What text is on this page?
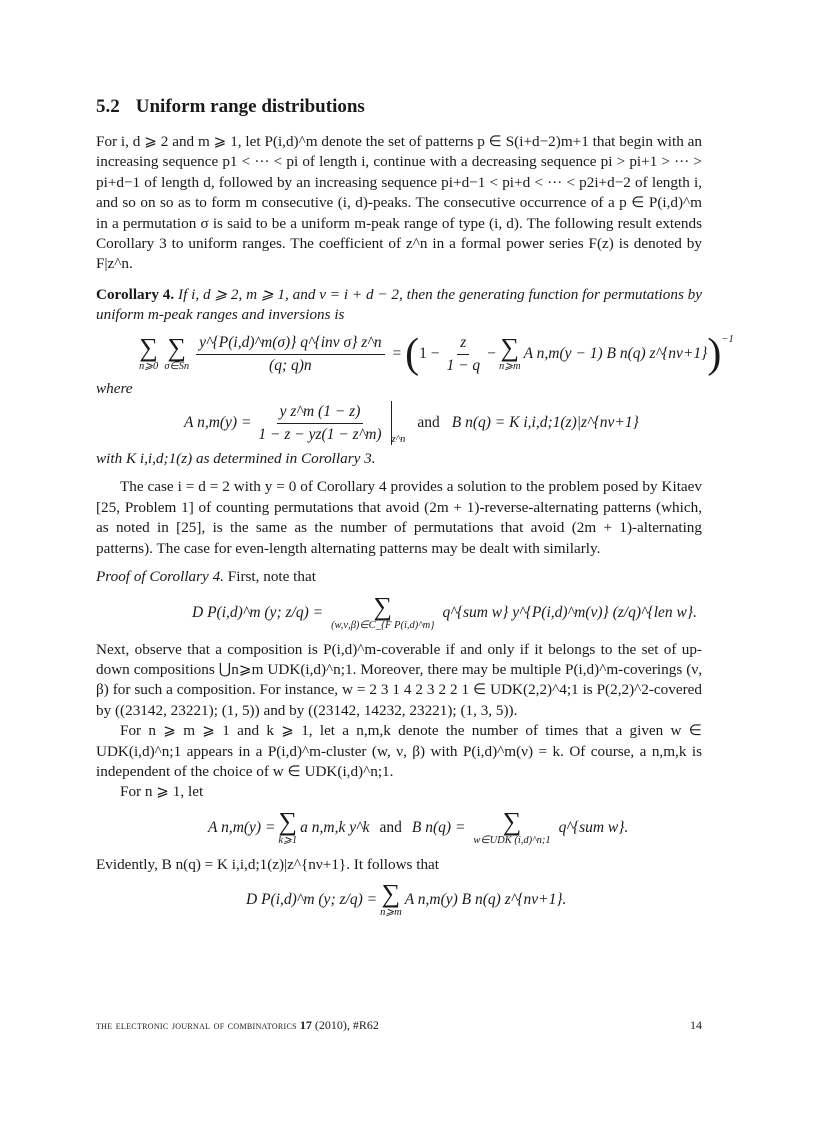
5.2 Uniform range distributions

For i, d ⩾ 2 and m ⩾ 1, let P(i,d)^m denote the set of patterns p ∈ S(i+d−2)m+1 that begin with an increasing sequence p1 < ··· < pi of length i, continue with a decreasing sequence pi > pi+1 > ··· > pi+d−1 of length d, followed by an increasing sequence pi+d−1 < pi+d < ··· < p2i+d−2 of length i, and so on so as to form m consecutive (i, d)-peaks. The consecutive occurrence of a p ∈ P(i,d)^m in a permutation σ is said to be a uniform m-peak range of type (i, d). The following result extends Corollary 3 to uniform ranges. The coefficient of z^n in a formal power series F(z) is denoted by F|z^n.

Corollary 4. If i, d ⩾ 2, m ⩾ 1, and ν = i + d − 2, then the generating function for permutations by uniform m-peak ranges and inversions is

∑
n⩾0
∑
σ∈Sn $\frac{\text{y\textasciicircum{}\{P(i,d)\textasciicircum{}m(σ)\} q\textasciicircum{}\{inv σ\} z\textasciicircum{}n}}{(q; q)n}$ = ( $1 - \frac{z}{1 - q}$ − ∑
n⩾m
A n,m(y − 1) B n(q) z^{nν+1} ) −1

where

A $n,m(y) = \frac{\text{y z\textasciicircum{}m (1 − z)}}{1 - z - yz(1 - z\^{}m)}$ z^n
and B n(q) = K i,i,d;1(z)|z^{nν+1}

with K i,i,d;1(z) as determined in Corollary 3.

The case i = d = 2 with y = 0 of Corollary 4 provides a solution to the problem posed by Kitaev [25, Problem 1] of counting permutations that avoid (2m + 1)-reverse-alternating patterns (which, as noted in [25], is the same as the number of permutations that avoid (2m + 1)-alternating patterns). The case for even-length alternating patterns may be dealt with similarly.

Proof of Corollary 4. First, note that

D P(i,d)^m (y; z/q) = ∑
(w,ν,β)∈C_{F P(i,d)^m}
q^{sum w} y^{P(i,d)^m(ν)} (z/q)^{len w}.

Next, observe that a composition is P(i,d)^m-coverable if and only if it belongs to the set of up-down compositions ⋃n⩾m UDK(i,d)^n;1. Moreover, there may be multiple P(i,d)^m-coverings (ν, β) for such a composition. For instance, w = 2 3 1 4 2 3 2 2 1 ∈ UDK(2,2)^4;1 is P(2,2)^2-covered by ((23142, 23221); (1, 5)) and by ((23142, 14232, 23221); (1, 3, 5)).

For n ⩾ m ⩾ 1 and k ⩾ 1, let a n,m,k denote the number of times that a given w ∈ UDK(i,d)^n;1 appears in a P(i,d)^m-cluster (w, ν, β) with P(i,d)^m(ν) = k. Of course, a n,m,k is independent of the choice of w ∈ UDK(i,d)^n;1.

For n ⩾ 1, let

A n,m(y) = ∑
k⩾1
a n,m,k y^k and B n(q) = ∑
w∈UDK (i,d)^n;1
q^{sum w}.

Evidently, B n(q) = K i,i,d;1(z)|z^{nν+1}. It follows that

D P(i,d)^m (y; z/q) = ∑
n⩾m
A n,m(y) B n(q) z^{nν+1}.
the electronic journal of combinatorics 17 (2010), #R62	14
